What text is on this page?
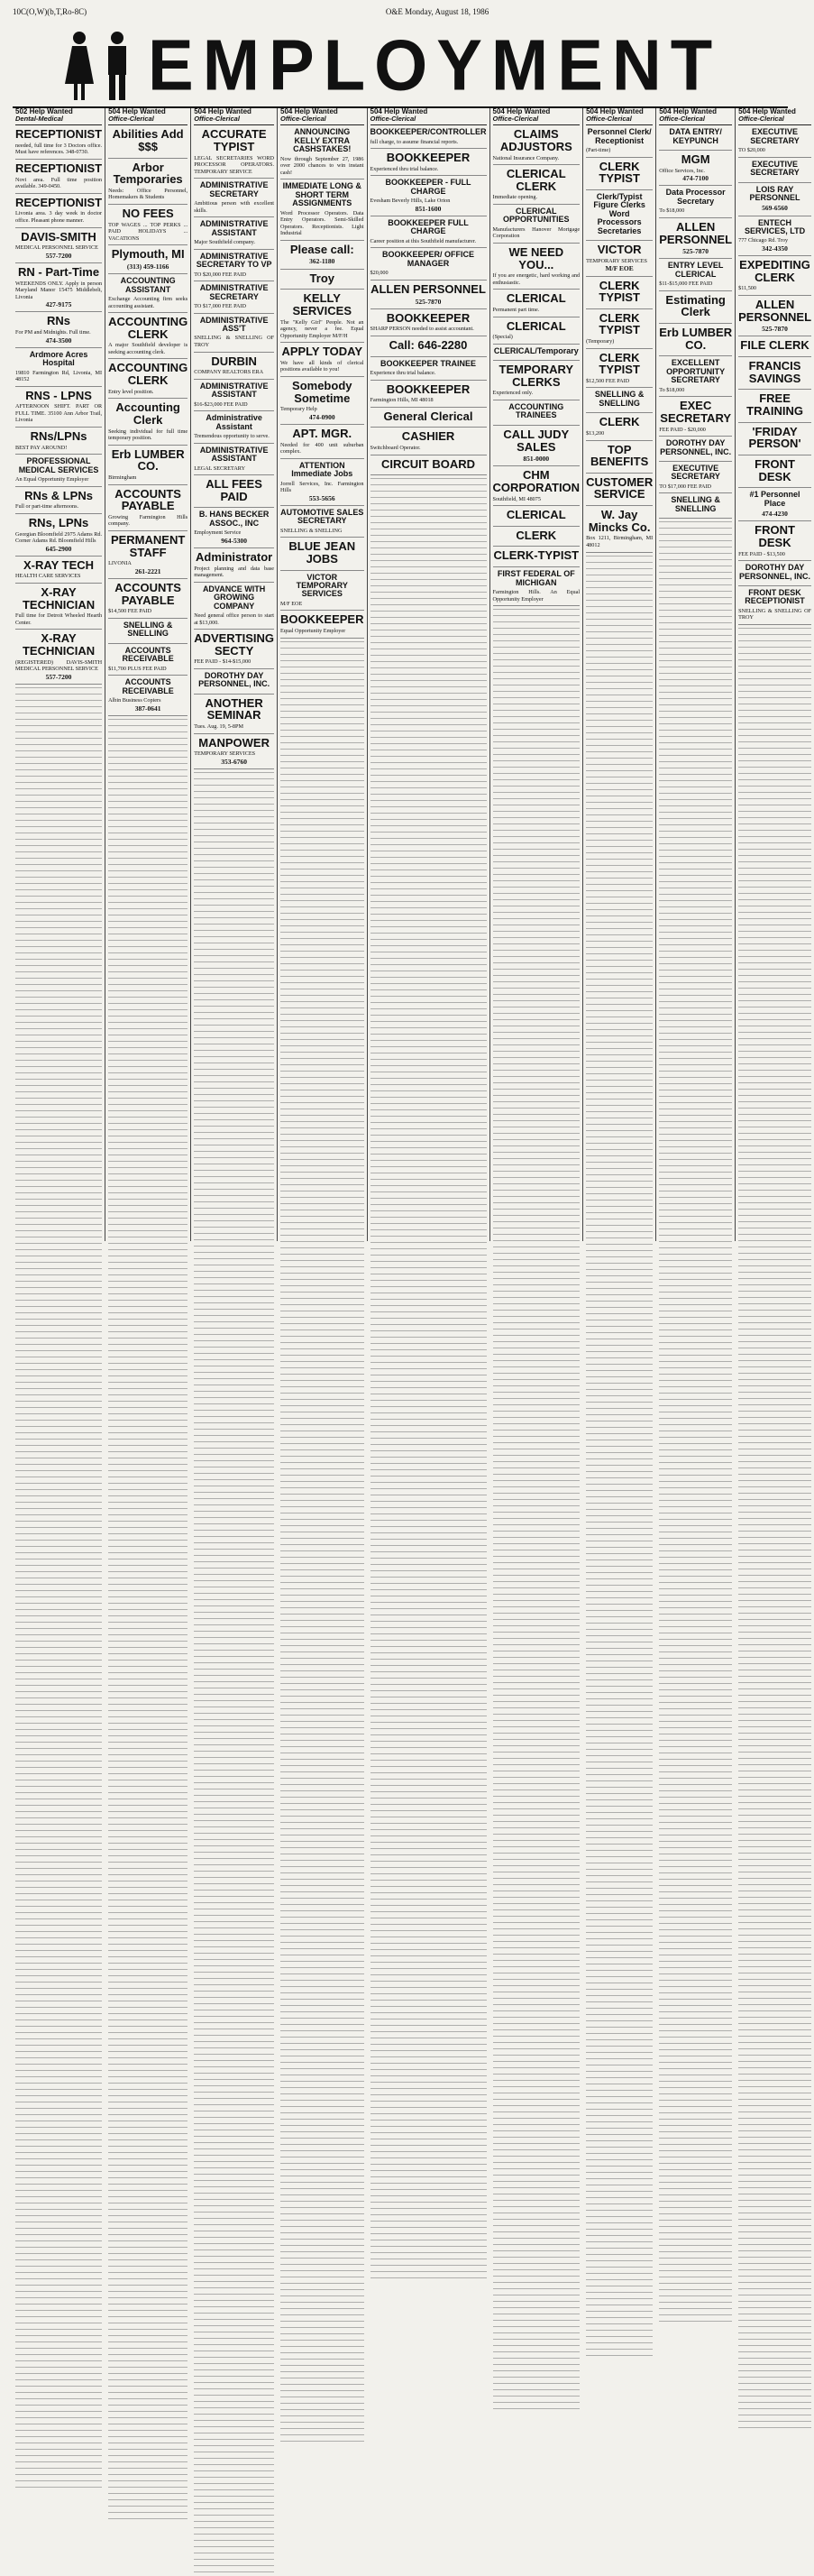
10C(O,W)(b,T,Ro-8C)	O&E Monday, August 18, 1986
EMPLOYMENT
502 Help Wanted
Dental-Medical
RECEPTIONIST
needed, full time for 3 Doctors office. Must have references. 348-0730.
RECEPTIONIST
Novi area. Full time position available. 349-0450.
RECEPTIONIST
Livonia area. 3 day week in doctor office. Pleasant phone manner.
DAVIS-SMITH
MEDICAL PERSONNEL SERVICE
557-7200
RN - Part-Time
WEEKENDS ONLY. Apply in person Maryland Manor 15475 Middlebelt, Livonia
427-9175
RNs
For PM and Midnights. Full time.
474-3500
Ardmore Acres Hospital
19810 Farmington Rd, Livonia, MI 48152
RNS - LPNS
AFTERNOON SHIFT. PART OR FULL TIME. 35100 Ann Arbor Trail, Livonia
RNs/LPNs
BEST PAY AROUND!
PROFESSIONAL MEDICAL SERVICES
An Equal Opportunity Employer
RNs & LPNs
Full or part-time afternoons.
RNs, LPNs
Georgian Bloomfield 2975 Adams Rd. Corner Adams Rd. Bloomfield Hills
645-2900
X-RAY TECH
HEALTH CARE SERVICES
X-RAY TECHNICIAN
Full time for Detroit Wheeled Hearth Center.
X-RAY TECHNICIAN
(REGISTERED) DAVIS-SMITH MEDICAL PERSONNEL SERVICE
557-7200
504 Help Wanted
Office-Clerical
Abilities Add $$$
Arbor Temporaries
Needs: Office Personnel, Homemakers & Students
NO FEES
TOP WAGES ... TOP PERKS ... PAID HOLIDAYS ... VACATIONS
Plymouth, MI
(313) 459-1166
ACCOUNTING ASSISTANT
Exchange Accounting firm seeks accounting assistant.
ACCOUNTING CLERK
A major Southfield developer is seeking accounting clerk.
ACCOUNTING CLERK
Entry level position.
Accounting Clerk
Seeking individual for full time temporary position.
Erb LUMBER CO.
Birmingham
ACCOUNTS PAYABLE
Growing Farmington Hills company.
PERMANENT STAFF
LIVONIA
261-2221
ACCOUNTS PAYABLE
$14,500 FEE PAID
SNELLING & SNELLING
ACCOUNTS RECEIVABLE
$11,700 PLUS FEE PAID
ACCOUNTS RECEIVABLE
Albin Business Copiers
387-0641
504 Help Wanted
Office-Clerical
ACCURATE TYPIST
LEGAL SECRETARIES WORD PROCESSOR OPERATORS. TEMPORARY SERVICE
ADMINISTRATIVE SECRETARY
Ambitious person with excellent skills.
ADMINISTRATIVE ASSISTANT
Major Southfield company.
ADMINISTRATIVE SECRETARY TO VP
TO $20,000 FEE PAID
ADMINISTRATIVE SECRETARY
TO $17,000 FEE PAID
ADMINISTRATIVE ASS'T
SNELLING & SNELLING OF TROY
DURBIN
COMPANY REALTORS ERA
ADMINISTRATIVE ASSISTANT
$16-$23,000 FEE PAID
Administrative Assistant
Tremendous opportunity to serve.
ADMINISTRATIVE ASSISTANT
LEGAL SECRETARY
ALL FEES PAID
B. HANS BECKER ASSOC., INC
Employment Service
964-5300
Administrator
Project planning and data base management.
ADVANCE WITH GROWING COMPANY
Need general office person to start at $13,000.
ADVERTISING SECTY
FEE PAID - $14-$15,000
DOROTHY DAY PERSONNEL, INC.
ANOTHER SEMINAR
Tues. Aug. 19, 5-8PM
MANPOWER
TEMPORARY SERVICES
353-6760
504 Help Wanted
Office-Clerical
ANNOUNCING KELLY EXTRA CASHSTAKES!
Now through September 27, 1986 over 2000 chances to win instant cash!
IMMEDIATE LONG & SHORT TERM ASSIGNMENTS
Word Processor Operators. Data Entry Operators. Semi-Skilled Operators. Receptionists. Light Industrial
Please call:
362-1180
Troy
KELLY SERVICES
The "Kelly Girl" People. Not an agency, never a fee. Equal Opportunity Employer M/F/H
APPLY TODAY
We have all kinds of clerical positions available to you!
Somebody Sometime
Temporary Help
474-0900
APT. MGR.
Needed for 400 unit suburban complex.
ATTENTION Immediate Jobs
Jorrell Services, Inc. Farmington Hills
553-5656
AUTOMOTIVE SALES SECRETARY
SNELLING & SNELLING
BLUE JEAN JOBS
VICTOR TEMPORARY SERVICES
M/F EOE
BOOKKEEPER
Equal Opportunity Employer
504 Help Wanted
Office-Clerical
BOOKKEEPER/CONTROLLER
full charge, to assume financial reports.
BOOKKEEPER
Experienced thru trial balance.
BOOKKEEPER - FULL CHARGE
Evesham Beverly Hills, Lake Orion
851-1600
BOOKKEEPER FULL CHARGE
Career position at this Southfield manufacturer.
BOOKKEEPER/ OFFICE MANAGER
$20,000
ALLEN PERSONNEL
525-7870
BOOKKEEPER
SHARP PERSON needed to assist accountant.
Call: 646-2280
BOOKKEEPER TRAINEE
Experience thru trial balance.
BOOKKEEPER
Farmington Hills, MI 48018
General Clerical
CASHIER
Switchboard Operator.
CIRCUIT BOARD
504 Help Wanted
Office-Clerical
CLAIMS ADJUSTORS
National Insurance Company.
CLERICAL CLERK
Immediate opening.
CLERICAL OPPORTUNITIES
Manufacturers Hanover Mortgage Corporation
WE NEED YOU...
If you are energetic, hard working and enthusiastic.
CLERICAL
Permanent part time.
CLERICAL
(Special)
CLERICAL/Temporary
TEMPORARY CLERKS
Experienced only.
ACCOUNTING TRAINEES
CALL JUDY SALES
851-0000
CHM CORPORATION
Southfield, MI 48075
CLERICAL
CLERK
CLERK-TYPIST
FIRST FEDERAL OF MICHIGAN
Farmington Hills. An Equal Opportunity Employer
504 Help Wanted
Office-Clerical
Personnel Clerk/ Receptionist
(Part-time)
CLERK TYPIST
Clerk/Typist Figure Clerks Word Processors Secretaries
VICTOR
TEMPORARY SERVICES
M/F EOE
CLERK TYPIST
CLERK TYPIST
(Temporary)
CLERK TYPIST
$12,500 FEE PAID
SNELLING & SNELLING
CLERK
$13,200
TOP BENEFITS
CUSTOMER SERVICE
W. Jay Mincks Co.
Box 1211, Birmingham, MI 48012
504 Help Wanted
Office-Clerical
DATA ENTRY/ KEYPUNCH
MGM
Office Services, Inc.
474-7100
Data Processor Secretary
To $18,000
ALLEN PERSONNEL
525-7870
ENTRY LEVEL CLERICAL
$11-$15,000 FEE PAID
Estimating Clerk
Erb LUMBER CO.
EXCELLENT OPPORTUNITY SECRETARY
To $18,000
EXEC SECRETARY
FEE PAID - $20,000
DOROTHY DAY PERSONNEL, INC.
EXECUTIVE SECRETARY
TO $17,000 FEE PAID
SNELLING & SNELLING
504 Help Wanted
Office-Clerical
EXECUTIVE SECRETARY
TO $20,000
EXECUTIVE SECRETARY
LOIS RAY PERSONNEL
569-6560
ENTECH SERVICES, LTD
777 Chicago Rd. Troy
342-4350
EXPEDITING CLERK
$11,500
ALLEN PERSONNEL
525-7870
FILE CLERK
FRANCIS SAVINGS
FREE TRAINING
'FRIDAY PERSON'
FRONT DESK
#1 Personnel Place
474-4230
FRONT DESK
FEE PAID - $13,500
DOROTHY DAY PERSONNEL, INC.
FRONT DESK RECEPTIONIST
SNELLING & SNELLING OF TROY
